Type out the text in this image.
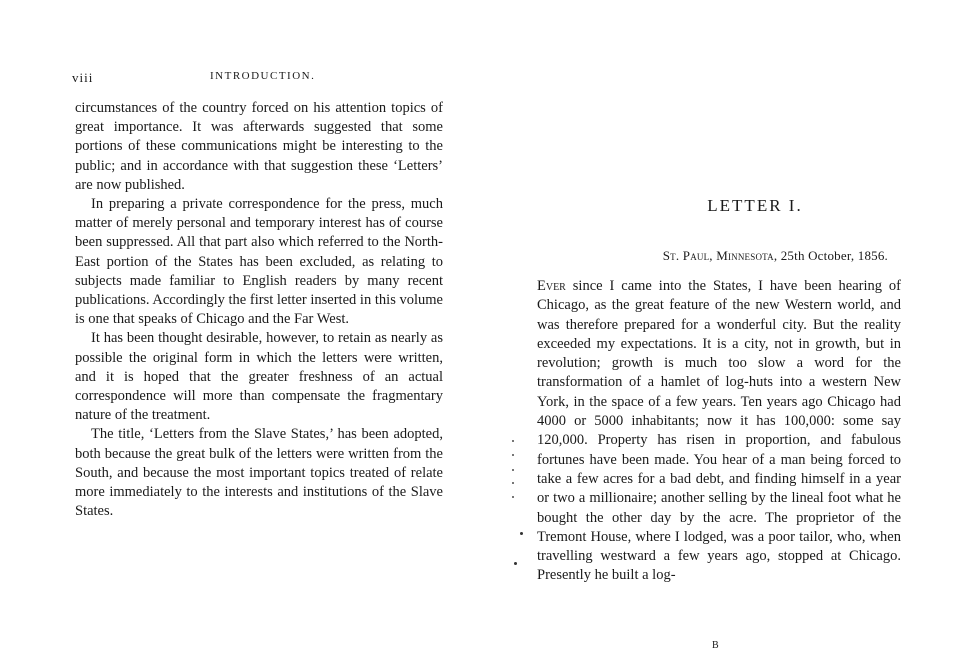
viii	INTRODUCTION.

circumstances of the country forced on his attention topics of great importance. It was afterwards suggested that some portions of these communications might be interesting to the public; and in accordance with that suggestion these ‘Letters’ are now published.

In preparing a private correspondence for the press, much matter of merely personal and temporary interest has of course been suppressed. All that part also which referred to the North-East portion of the States has been excluded, as relating to subjects made familiar to English readers by many recent publications. Accordingly the first letter inserted in this volume is one that speaks of Chicago and the Far West.

It has been thought desirable, however, to retain as nearly as possible the original form in which the letters were written, and it is hoped that the greater freshness of an actual correspondence will more than compensate the fragmentary nature of the treatment.

The title, ‘Letters from the Slave States,’ has been adopted, both because the great bulk of the letters were written from the South, and because the most important topics treated of relate more immediately to the interests and institutions of the Slave States.

LETTER I.
St. Paul, Minnesota, 25th October, 1856.

Ever since I came into the States, I have been hearing of Chicago, as the great feature of the new Western world, and was therefore prepared for a wonderful city. But the reality exceeded my expectations. It is a city, not in growth, but in revolution; growth is much too slow a word for the transformation of a hamlet of log-huts into a western New York, in the space of a few years. Ten years ago Chicago had 4000 or 5000 inhabitants; now it has 100,000: some say 120,000. Property has risen in proportion, and fabulous fortunes have been made. You hear of a man being forced to take a few acres for a bad debt, and finding himself in a year or two a millionaire; another selling by the lineal foot what he bought the other day by the acre. The proprietor of the Tremont House, where I lodged, was a poor tailor, who, when travelling westward a few years ago, stopped at Chicago. Presently he built a log-

B
